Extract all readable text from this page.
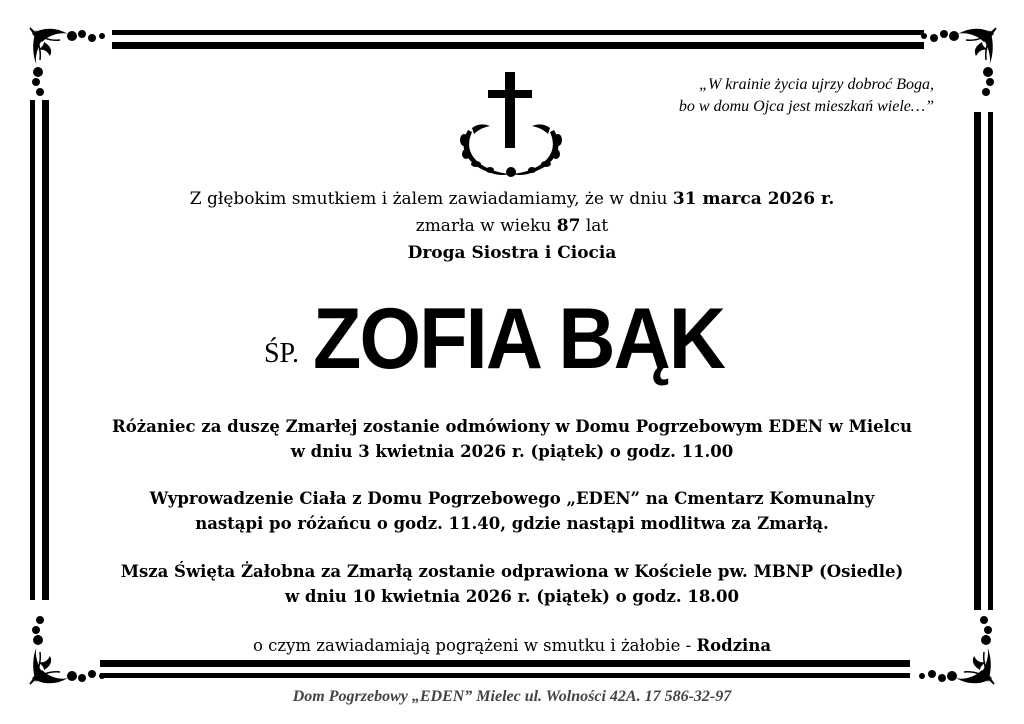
„W krainie życia ujrzy dobroć Boga,
bo w domu Ojca jest mieszkań wiele…”
Z głębokim smutkiem i żalem zawiadamiamy, że w dniu 31 marca 2026 r.
zmarła w wieku 87 lat
Droga Siostra i Ciocia
ŚP. ZOFIA BĄK
Różaniec za duszę Zmarłej zostanie odmówiony w Domu Pogrzebowym EDEN w Mielcu
w dniu 3 kwietnia 2026 r. (piątek) o godz. 11.00
Wyprowadzenie Ciała z Domu Pogrzebowego „EDEN” na Cmentarz Komunalny
nastąpi po różańcu o godz. 11.40, gdzie nastąpi modlitwa za Zmarłą.
Msza Święta Żałobna za Zmarłą zostanie odprawiona w Kościele pw. MBNP (Osiedle)
w dniu 10 kwietnia 2026 r. (piątek) o godz. 18.00
o czym zawiadamiają pogrążeni w smutku i żałobie - Rodzina
Dom Pogrzebowy „EDEN” Mielec ul. Wolności 42A. 17 586-32-97
